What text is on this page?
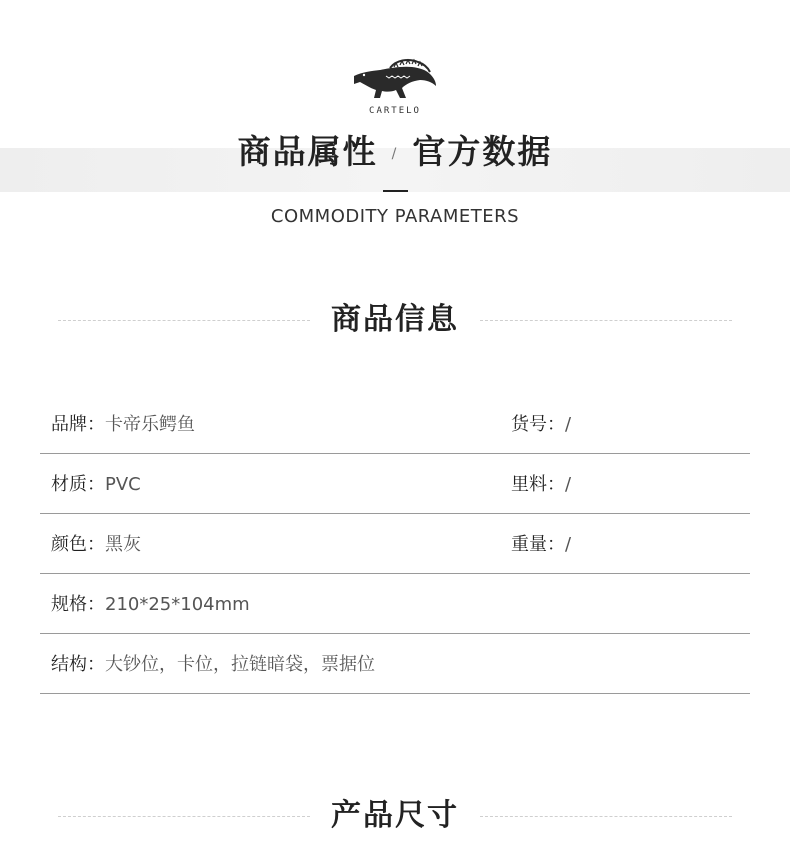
CARTELO
商品属性 / 官方数据
COMMODITY PARAMETERS
商品信息
品牌：卡帝乐鳄鱼	货号：/
材质：PVC	里料：/
颜色：黑灰	重量：/
规格：210*25*104mm
结构：大钞位，卡位，拉链暗袋，票据位
产品尺寸
